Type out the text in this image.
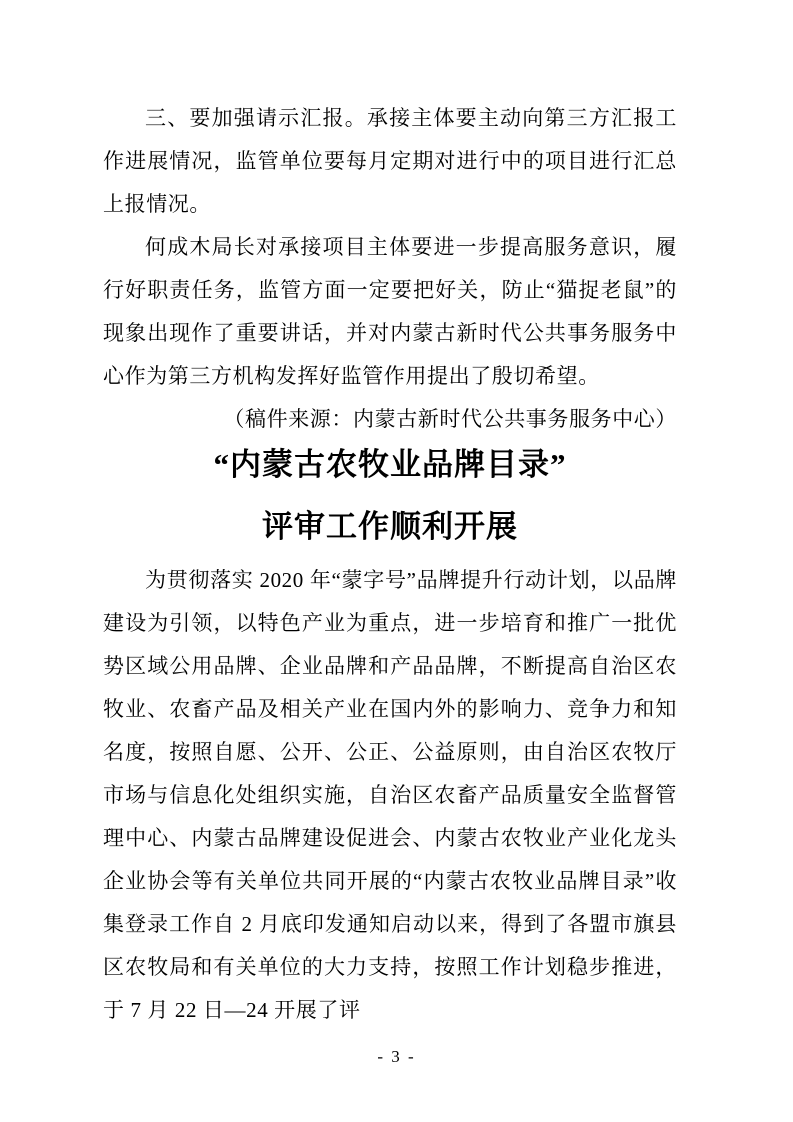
三、要加强请示汇报。承接主体要主动向第三方汇报工作进展情况，监管单位要每月定期对进行中的项目进行汇总上报情况。

何成木局长对承接项目主体要进一步提高服务意识，履行好职责任务，监管方面一定要把好关，防止“猫捉老鼠”的现象出现作了重要讲话，并对内蒙古新时代公共事务服务中心作为第三方机构发挥好监管作用提出了殷切希望。

（稿件来源：内蒙古新时代公共事务服务中心）

“内蒙古农牧业品牌目录”
评审工作顺利开展

为贯彻落实 2020 年“蒙字号”品牌提升行动计划，以品牌建设为引领，以特色产业为重点，进一步培育和推广一批优势区域公用品牌、企业品牌和产品品牌，不断提高自治区农牧业、农畜产品及相关产业在国内外的影响力、竞争力和知名度，按照自愿、公开、公正、公益原则，由自治区农牧厅市场与信息化处组织实施，自治区农畜产品质量安全监督管理中心、内蒙古品牌建设促进会、内蒙古农牧业产业化龙头企业协会等有关单位共同开展的“内蒙古农牧业品牌目录”收集登录工作自 2 月底印发通知启动以来，得到了各盟市旗县区农牧局和有关单位的大力支持，按照工作计划稳步推进，于 7 月 22 日—24 开展了评

- 3 -
